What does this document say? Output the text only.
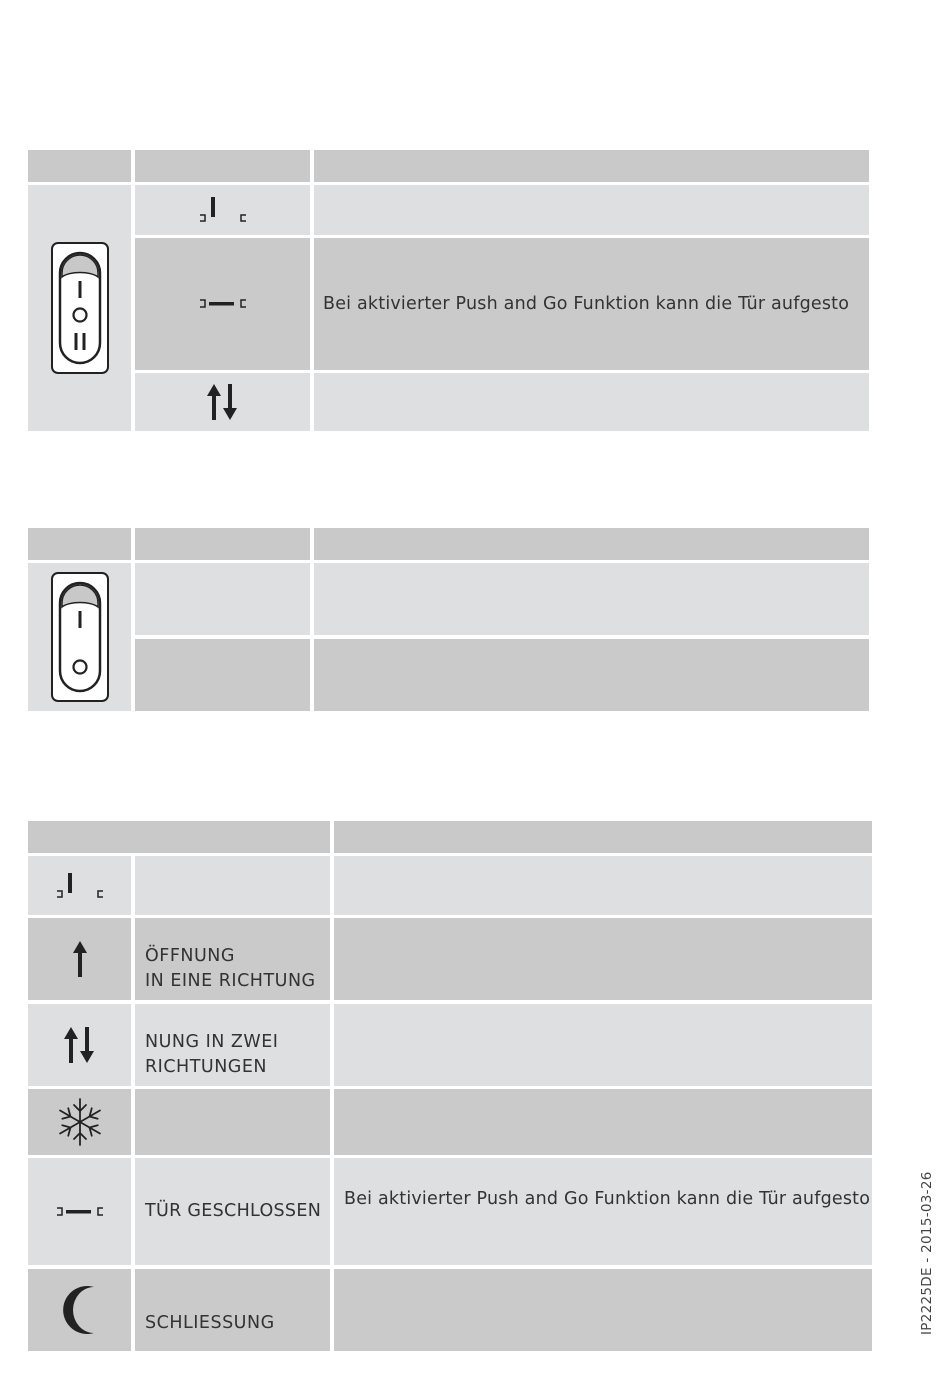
Bei aktivierter Push and Go Funktion kann die Tür aufgesto
ÖFFNUNG
IN EINE RICHTUNG
NUNG IN ZWEI
RICHTUNGEN
TÜR GESCHLOSSEN
Bei aktivierter Push and Go Funktion kann die Tür aufgesto
SCHLIESSUNG	IP2225DE - 2015-03-26
